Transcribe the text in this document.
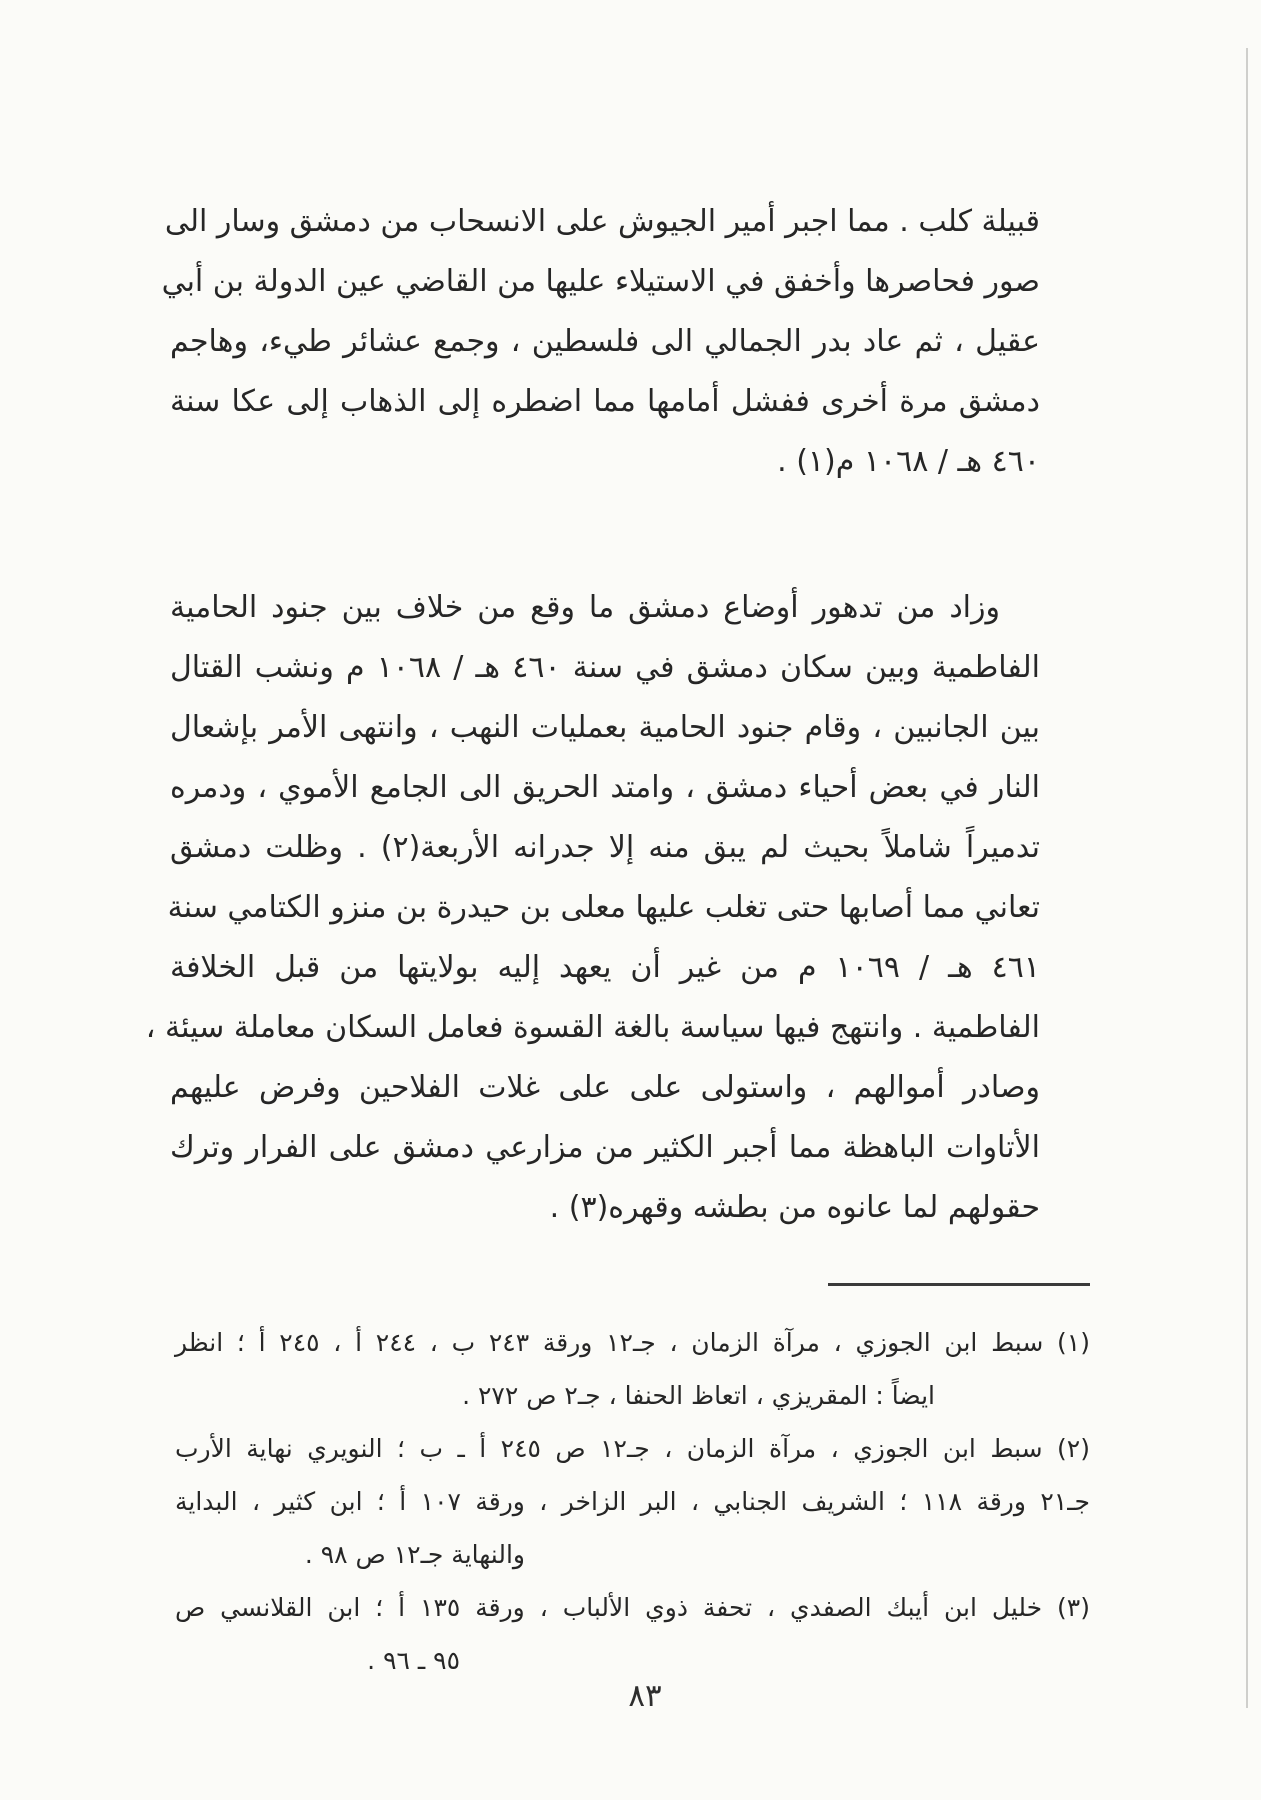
قبيلة كلب . مما اجبر أمير الجيوش على الانسحاب من دمشق وسار الى
صور فحاصرها وأخفق في الاستيلاء عليها من القاضي عين الدولة بن أبي
عقيل ، ثم عاد بدر الجمالي الى فلسطين ، وجمع عشائر طيء، وهاجم
دمشق مرة أخرى ففشل أمامها مما اضطره إلى الذهاب إلى عكا سنة
٤٦٠ هـ / ١٠٦٨ م(١) .
وزاد من تدهور أوضاع دمشق ما وقع من خلاف بين جنود الحامية
الفاطمية وبين سكان دمشق في سنة ٤٦٠ هـ / ١٠٦٨ م ونشب القتال
بين الجانبين ، وقام جنود الحامية بعمليات النهب ، وانتهى الأمر بإشعال
النار في بعض أحياء دمشق ، وامتد الحريق الى الجامع الأموي ، ودمره
تدميراً شاملاً بحيث لم يبق منه إلا جدرانه الأربعة(٢) . وظلت دمشق
تعاني مما أصابها حتى تغلب عليها معلى بن حيدرة بن منزو الكتامي سنة
٤٦١ هـ / ١٠٦٩ م من غير أن يعهد إليه بولايتها من قبل الخلافة
الفاطمية . وانتهج فيها سياسة بالغة القسوة فعامل السكان معاملة سيئة ،
وصادر أموالهم ، واستولى على على غلات الفلاحين وفرض عليهم
الأتاوات الباهظة مما أجبر الكثير من مزارعي دمشق على الفرار وترك
حقولهم لما عانوه من بطشه وقهره(٣) .
(١) سبط ابن الجوزي ، مرآة الزمان ، جـ١٢ ورقة ٢٤٣ ب ، ٢٤٤ أ ، ٢٤٥ أ ؛ انظر
ايضاً : المقريزي ، اتعاظ الحنفا ، جـ٢ ص ٢٧٢ .
(٢) سبط ابن الجوزي ، مرآة الزمان ، جـ١٢ ص ٢٤٥ أ ـ ب ؛ النويري نهاية الأرب
جـ٢١ ورقة ١١٨ ؛ الشريف الجنابي ، البر الزاخر ، ورقة ١٠٧ أ ؛ ابن كثير ، البداية
والنهاية جـ١٢ ص ٩٨ .
(٣) خليل ابن أيبك الصفدي ، تحفة ذوي الألباب ، ورقة ١٣٥ أ ؛ ابن القلانسي ص
٩٥ ـ ٩٦ .
٨٣
